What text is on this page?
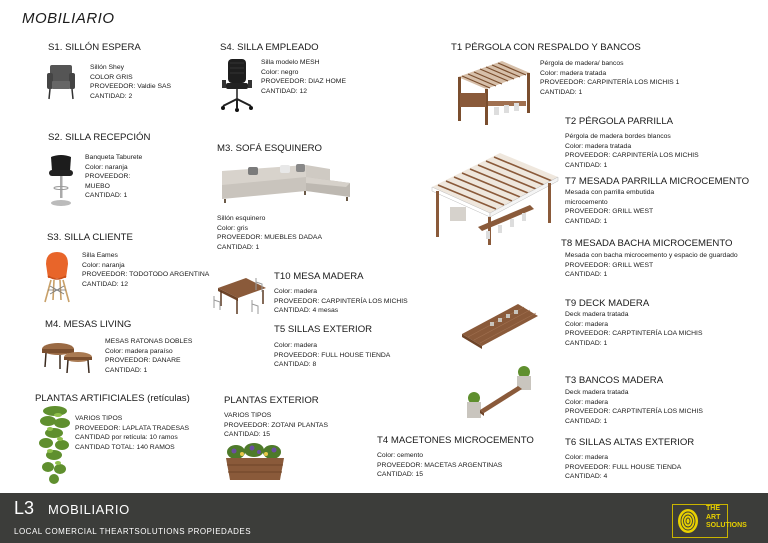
MOBILIARIO
S1. SILLÓN ESPERA
Sillón Shey
COLOR GRIS
PROVEEDOR: Valdie SAS
CANTIDAD: 2
S4. SILLA EMPLEADO
Silla modelo MESH
Color: negro
PROVEEDOR: DIAZ HOME
CANTIDAD: 12
T1 PÉRGOLA CON RESPALDO Y BANCOS
Pérgola de madera/ bancos
Color: madera tratada
PROVEEDOR: CARPINTERÍA LOS MICHIS 1
CANTIDAD: 1
S2. SILLA RECEPCIÓN
Banqueta Taburete
Color: naranja
PROVEEDOR:
MUEBO
CANTIDAD: 1
M3. SOFÁ ESQUINERO
Sillón esquinero
Color: gris
PROVEEDOR: MUEBLES DADAA
CANTIDAD: 1
T2 PÉRGOLA PARRILLA
Pérgola de madera bordes blancos
Color: madera tratada
PROVEEDOR: CARPINTERÍA LOS MICHIS
CANTIDAD: 1
T7 MESADA PARRILLA MICROCEMENTO
Mesada con parrilla embutida
microcemento
PROVEEDOR: GRILL WEST
CANTIDAD: 1
S3. SILLA CLIENTE
Silla Eames
Color: naranja
PROVEEDOR: TODOTODO ARGENTINA
CANTIDAD: 12
T8 MESADA BACHA MICROCEMENTO
Mesada con bacha microcemento y espacio de guardado
PROVEEDOR: GRILL WEST
CANTIDAD: 1
T10 MESA MADERA
Color: madera
PROVEEDOR: CARPINTERÍA LOS MICHIS
CANTIDAD: 4 mesas
T9 DECK MADERA
Deck madera tratada
Color: madera
PROVEEDOR: CARPTINTERÍA LOA MICHIS
CANTIDAD: 1
M4. MESAS LIVING
MESAS RATONAS DOBLES
Color: madera paraíso
PROVEEDOR: DANARE
CANTIDAD: 1
T5 SILLAS EXTERIOR
Color: madera
PROVEEDOR: FULL HOUSE TIENDA
CANTIDAD: 8
PLANTAS ARTIFICIALES (retículas)
VARIOS TIPOS
PROVEEDOR: LAPLATA TRADESAS
CANTIDAD por retícula: 10 ramos
CANTIDAD TOTAL: 140 RAMOS
PLANTAS EXTERIOR
VARIOS TIPOS
PROVEEDOR: ZOTANI PLANTAS
CANTIDAD: 15
T3 BANCOS MADERA
Deck madera tratada
Color: madera
PROVEEDOR: CARPTINTERÍA LOS MICHIS
CANTIDAD: 1
T4 MACETONES MICROCEMENTO
Color: cemento
PROVEEDOR: MACETAS ARGENTINAS
CANTIDAD: 15
T6 SILLAS ALTAS EXTERIOR
Color: madera
PROVEEDOR: FULL HOUSE TIENDA
CANTIDAD: 4
L3 MOBILIARIO
LOCAL COMERCIAL THEARTSOLUTIONS PROPIEDADES
THE
ART
SOLUTIONS
